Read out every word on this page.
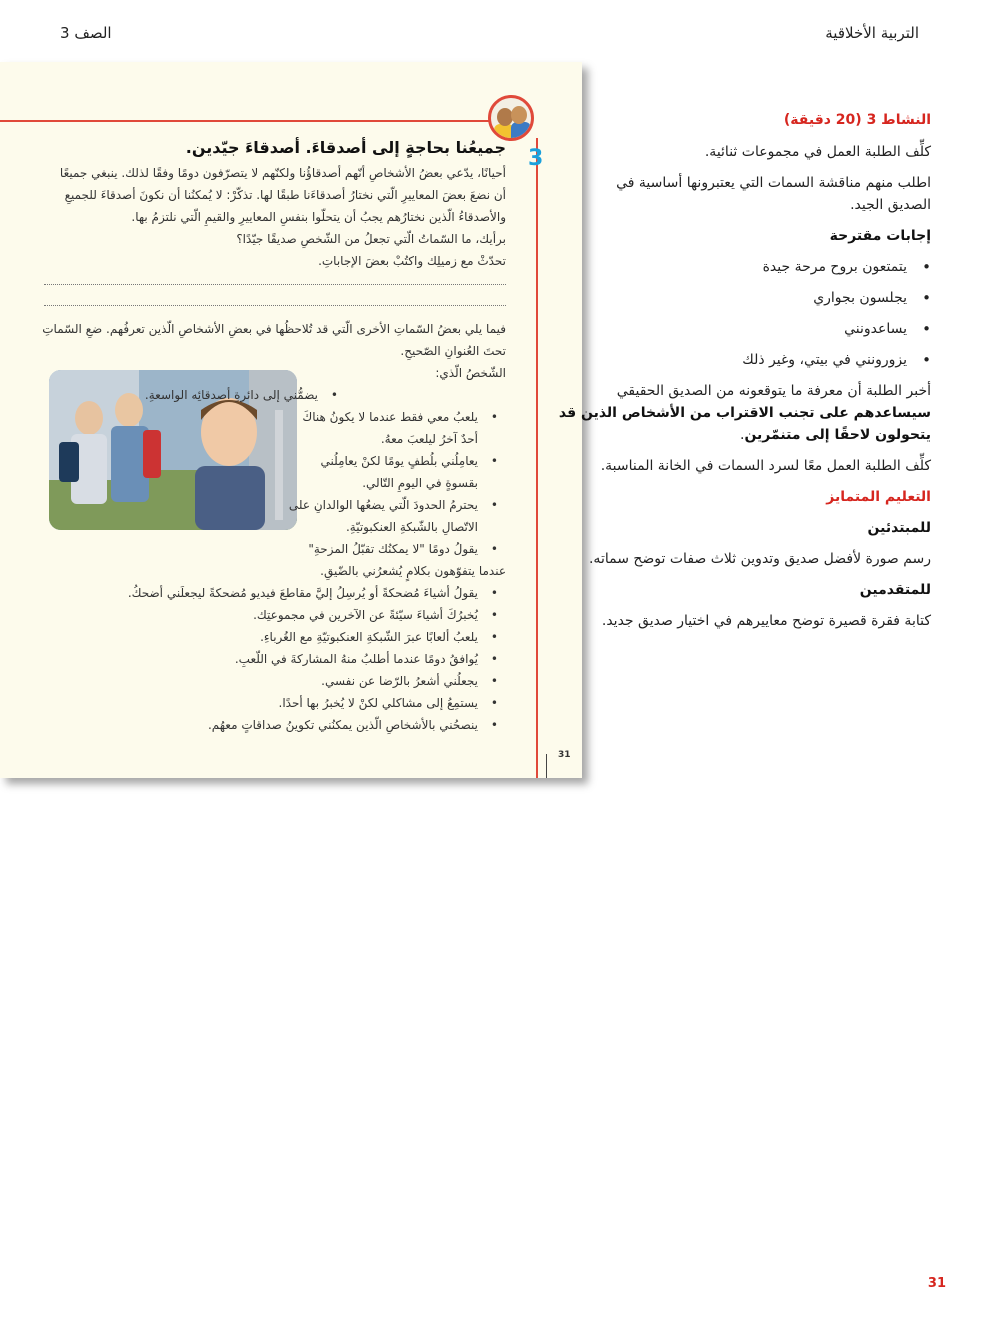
التربية الأخلاقية
الصف 3
3
جميعُنا بحاجةٍ إلى أصدقاءَ. أصدقاءَ جيّدين.
أحيانًا، يدّعي بعضُ الأشخاصِ أنّهم أصدقاؤُنا ولكنّهم لا يتصرّفون دومًا وفقًا لذلك. ينبغي جميعًا
أن نضعَ بعضَ المعاييرِ الّتي نختارُ أصدقاءَنا طبقًا لها. تذكّرْ: لا يُمكنُنا أن نكونَ أصدقاءَ للجميعِ
والأصدقاءُ الّذين نختارُهم يجبُ أن يتحلّوا بنفسِ المعاييرِ والقيمِ الّتي نلتزمُ بها.
برأيك، ما السّماتُ الّتي تجعلُ من الشّخصِ صديقًا جيّدًا؟
تحدّثْ مع زميلِك واكتُبْ بعضَ الإجاباتِ.
فيما يلي بعضُ السّماتِ الأخرى الّتي قد تُلاحظُها في بعضِ الأشخاصِ الّذين تعرفُهم. ضعِ السّماتِ
تحتَ العُنوانِ الصّحيحِ.
الشّخصُ الّذي:
يضمُّني إلى دائرةِ أصدقائِه الواسعةِ. •
يلعبُ معي فقط عندما لا يكونُ هناكَ •
أحدٌ آخرُ ليلعبَ معهُ.
يعامِلُني بلُطفٍ يومًا لكنْ يعامِلُني •
بقسوةٍ في اليومِ التّالي.
يحترمُ الحدودَ الّتي يضعُها الوالدانِ على •
الاتّصالِ بالشّبكةِ العنكبوتيّةِ.
يقولُ دومًا "لا يمكنُك تقبّلُ المزحةِ" •
عندما يتفوّهون بكلامٍ يُشعرُني بالضّيقِ.
يقولُ أشياءَ مُضحكةً أو يُرسِلُ إليَّ مقاطعَ فيديو مُضحكةً ليجعلَني أضحكُ. •
يُخبرُكَ أشياءَ سيّئةً عن الآخرين في مجموعتِك. •
يلعبُ ألعابًا عبرَ الشّبكةِ العنكبوتيّةِ مع الغُرباءِ. •
يُوافقُ دومًا عندما أطلبُ منهُ المشاركةَ في اللّعبِ. •
يجعلُني أشعرُ بالرّضا عن نفسي. •
يستمِعُ إلى مشاكلي لكنْ لا يُخبرُ بها أحدًا. •
ينصحُني بالأشخاصِ الّذين يمكنُني تكوينُ صداقاتٍ معهُم. •
31
النشاط 3 (20 دقيقة)
كلِّف الطلبة العمل في مجموعات ثنائية.
اطلب منهم مناقشة السمات التي يعتبرونها أساسية في
الصديق الجيد.
إجابات مقترحة
يتمتعون بروح مرحة جيدة •
يجلسون بجواري •
يساعدونني •
يزورونني في بيتي، وغير ذلك •
أخبر الطلبة أن معرفة ما يتوقعونه من الصديق الحقيقي
سيساعدهم على تجنب الاقتراب من الأشخاص الذين قد
يتحولون لاحقًا إلى متنمّرين.
كلِّف الطلبة العمل معًا لسرد السمات في الخانة المناسبة.
التعليم المتمايز
للمبتدئين
رسم صورة لأفضل صديق وتدوين ثلاث صفات توضح سماته.
للمتقدمين
كتابة فقرة قصيرة توضح معاييرهم في اختيار صديق جديد.
31
